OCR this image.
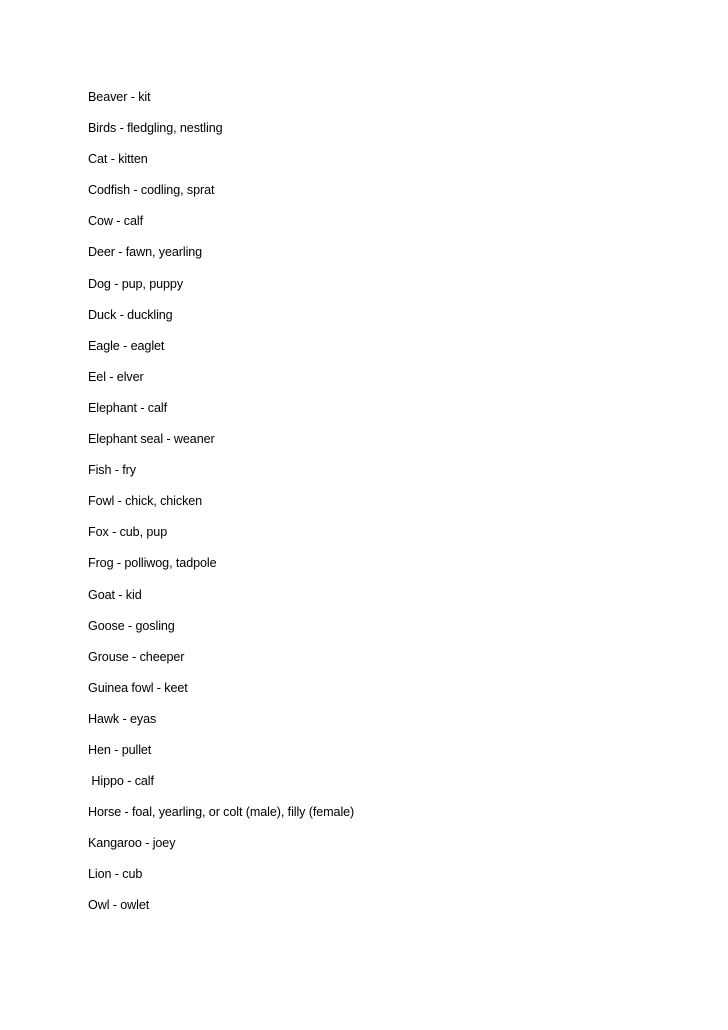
Beaver - kit
Birds - fledgling, nestling
Cat - kitten
Codfish - codling, sprat
Cow - calf
Deer - fawn, yearling
Dog - pup, puppy
Duck - duckling
Eagle - eaglet
Eel - elver
Elephant - calf
Elephant seal - weaner
Fish - fry
Fowl - chick, chicken
Fox - cub, pup
Frog - polliwog, tadpole
Goat - kid
Goose - gosling
Grouse - cheeper
Guinea fowl - keet
Hawk - eyas
Hen - pullet
Hippo - calf
Horse - foal, yearling, or colt (male), filly (female)
Kangaroo - joey
Lion - cub
Owl - owlet
